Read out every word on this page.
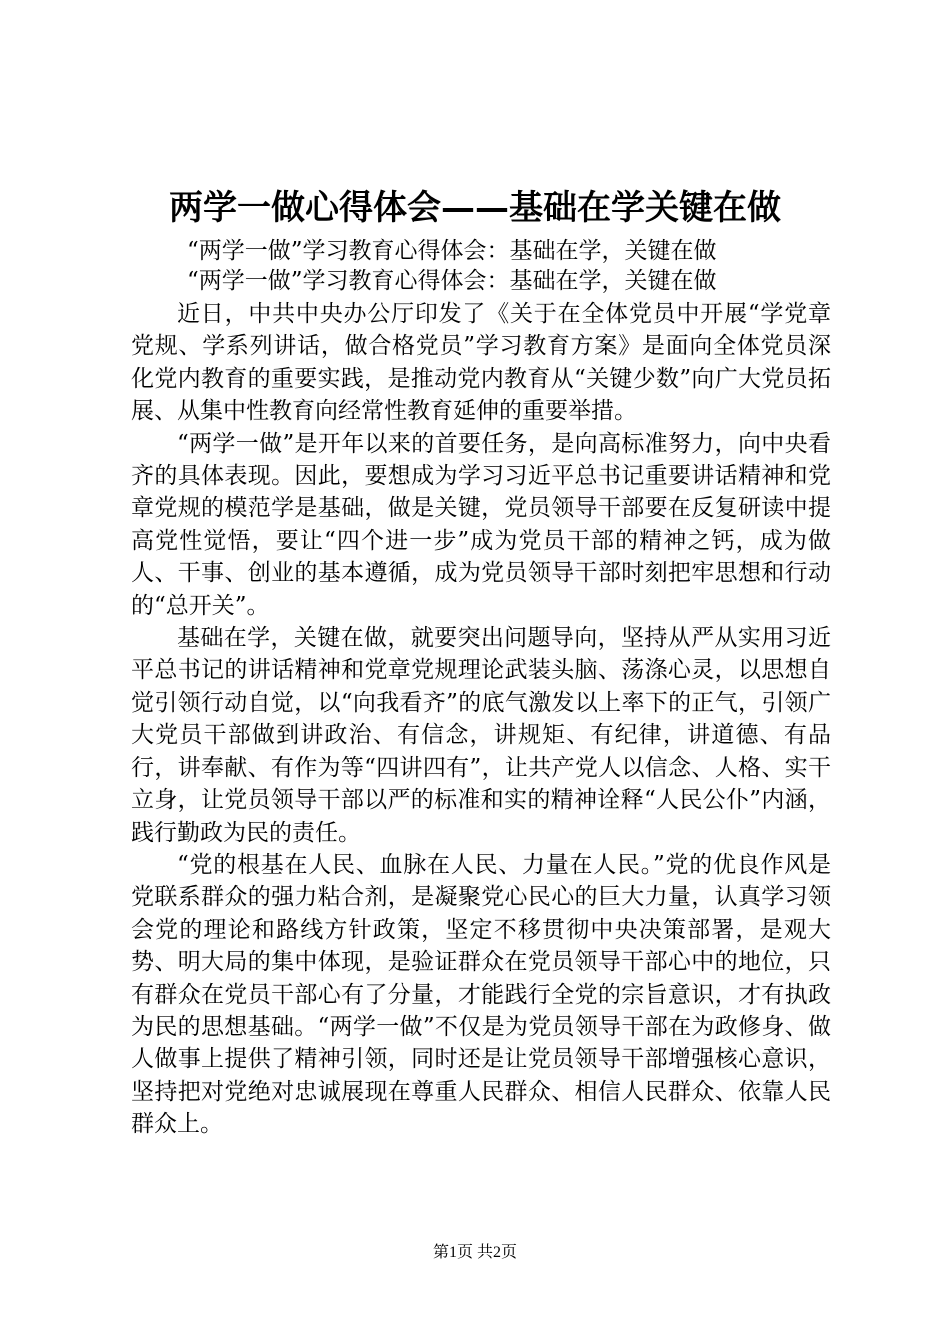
两学一做心得体会——基础在学关键在做
“两学一做”学习教育心得体会：基础在学，关键在做
“两学一做”学习教育心得体会：基础在学，关键在做

近日，中共中央办公厅印发了《关于在全体党员中开展“学党章党规、学系列讲话，做合格党员”学习教育方案》是面向全体党员深化党内教育的重要实践，是推动党内教育从“关键少数”向广大党员拓展、从集中性教育向经常性教育延伸的重要举措。

“两学一做”是开年以来的首要任务，是向高标准努力，向中央看齐的具体表现。因此，要想成为学习习近平总书记重要讲话精神和党章党规的模范学是基础，做是关键，党员领导干部要在反复研读中提高党性觉悟，要让“四个进一步”成为党员干部的精神之钙，成为做人、干事、创业的基本遵循，成为党员领导干部时刻把牢思想和行动的“总开关”。

基础在学，关键在做，就要突出问题导向，坚持从严从实用习近平总书记的讲话精神和党章党规理论武装头脑、荡涤心灵，以思想自觉引领行动自觉，以“向我看齐”的底气激发以上率下的正气，引领广大党员干部做到讲政治、有信念，讲规矩、有纪律，讲道德、有品行，讲奉献、有作为等“四讲四有”，让共产党人以信念、人格、实干立身，让党员领导干部以严的标准和实的精神诠释“人民公仆”内涵，践行勤政为民的责任。

“党的根基在人民、血脉在人民、力量在人民。”党的优良作风是党联系群众的强力粘合剂，是凝聚党心民心的巨大力量，认真学习领会党的理论和路线方针政策，坚定不移贯彻中央决策部署，是观大势、明大局的集中体现，是验证群众在党员领导干部心中的地位，只有群众在党员干部心有了分量，才能践行全党的宗旨意识，才有执政为民的思想基础。“两学一做”不仅是为党员领导干部在为政修身、做人做事上提供了精神引领，同时还是让党员领导干部增强核心意识，坚持把对党绝对忠诚展现在尊重人民群众、相信人民群众、依靠人民群众上。

第1页 共2页
